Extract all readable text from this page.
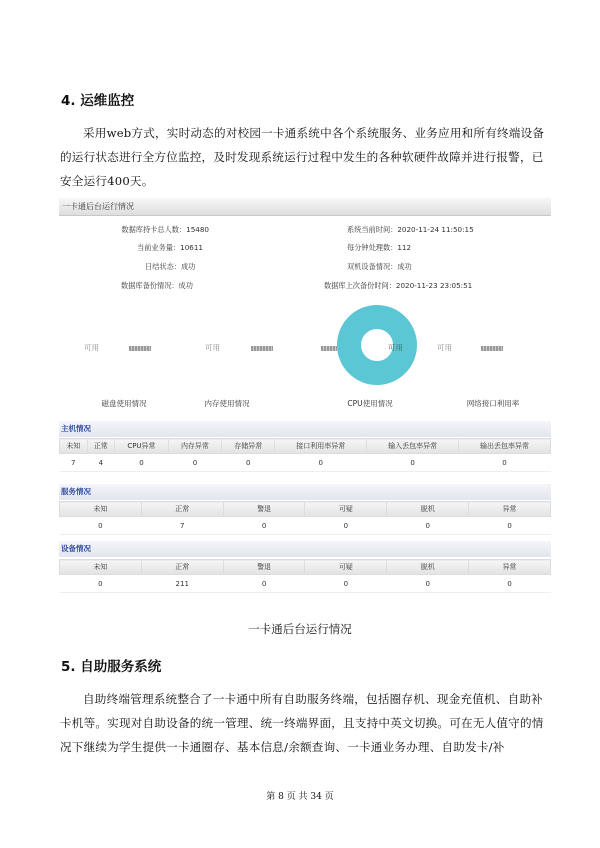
4. 运维监控
采用web方式，实时动态的对校园一卡通系统中各个系统服务、业务应用和所有终端设备的运行状态进行全方位监控，及时发现系统运行过程中发生的各种软硬件故障并进行报警，已安全运行400天。
一卡通后台运行情况
数据库持卡总人数：15480
当前业务量：10611
日结状态：成功
数据库备份情况：成功
系统当前时间：2020-11-24 11:50:15
每分钟处理数：112
双机设备情况：成功
数据库上次备份时间：2020-11-23 23:05:51
可用
磁盘使用情况
可用
内存使用情况
可用
CPU使用情况
可用
网络接口利用率
主机情况
未知	正常	CPU异常	内存异常	存储异常	接口利用率异常	输入丢包率异常	输出丢包率异常
7	4	0	0	0	0	0	0
服务情况
未知	正常	警退	可疑	脱机	异常
0	7	0	0	0	0
设备情况
未知	正常	警退	可疑	脱机	异常
0	211	0	0	0	0
一卡通后台运行情况
5. 自助服务系统
自助终端管理系统整合了一卡通中所有自助服务终端，包括圈存机、现金充值机、自助补卡机等。实现对自助设备的统一管理、统一终端界面，且支持中英文切换。可在无人值守的情况下继续为学生提供一卡通圈存、基本信息/余额查询、一卡通业务办理、自助发卡/补
第 8 页 共 34 页
